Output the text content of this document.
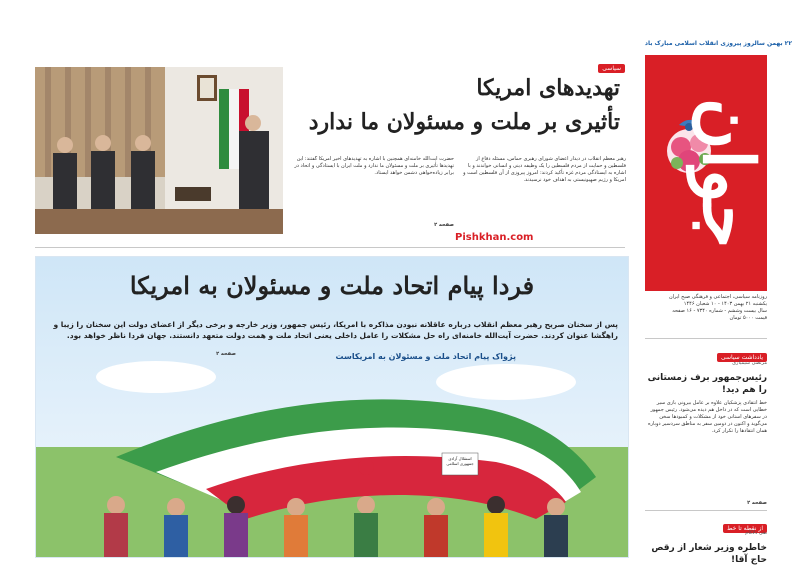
۲۲ بهمن سالروز پیروزی انقلاب اسلامی مبارک باد
جوان
روزنامه سیاسی، اجتماعی و فرهنگی صبح ایران
یکشنبه ۲۱ بهمن ۱۴۰۳ - ۱۰ شعبان ۱۴۴۶
سال بیست وششم - شماره ۷۳۴۰ - ۱۶ صفحه
قیمت ۵۰۰۰ تومان
یادداشت سیاسی
مرتضی سیمیاری
رئیس‌جمهور برف زمستانی را هم دید!
خط انتقادی پزشکیان علاوه بر عامل بیرونی بازی سیر خطایی است که در داخل هم دیده می‌شود. رئیس جمهور در سفرهای استانی خود از مشکلات و کمبودها سخن می‌گوید و اکنون در دومین سفر به مناطق سردسیر دوباره همان انتقادها را تکرار کرد.
صفحه ۲
از نقطه تا خط
نفی ذلاکام
خاطره وزیر شعار از رقص حاج آقا!
سیاسی
تهدیدهای امریکا
تأثیری بر ملت و مسئولان ما ندارد
رهبر معظم انقلاب در دیدار اعضای شورای رهبری حماس، مسئله دفاع از فلسطین و حمایت از مردم فلسطین را یک وظیفه دینی و انسانی خواندند و با اشاره به ایستادگی مردم غزه تأکید کردند: امروز پیروزی از آن فلسطین است و امریکا و رژیم صهیونیستی به اهداف خود نرسیدند.
حضرت آیت‌الله خامنه‌ای همچنین با اشاره به تهدیدهای اخیر امریکا گفتند: این تهدیدها تأثیری بر ملت و مسئولان ما ندارد و ملت ایران با ایستادگی و اتحاد در برابر زیاده‌خواهی دشمن خواهد ایستاد.
صفحه ۲
Pishkhan.com
فردا پیام اتحاد ملت و مسئولان به امریکا
پس از سخنان صریح رهبر معظم انقلاب درباره عاقلانه نبودن مذاکره با امریکا، رئیس جمهور، وزیر خارجه و برخی دیگر از اعضای دولت این سخنان را زیبا و راهگشا عنوان کردند. حضرت آیت‌الله خامنه‌ای راه حل مشکلات را عامل داخلی یعنی اتحاد ملت و همت دولت متعهد دانستند. جهان فردا ناظر خواهد بود.
پژواک پیام اتحاد ملت و مسئولان به امریکاست
صفحه ۲
استقلال آزادی جمهوری اسلامی
